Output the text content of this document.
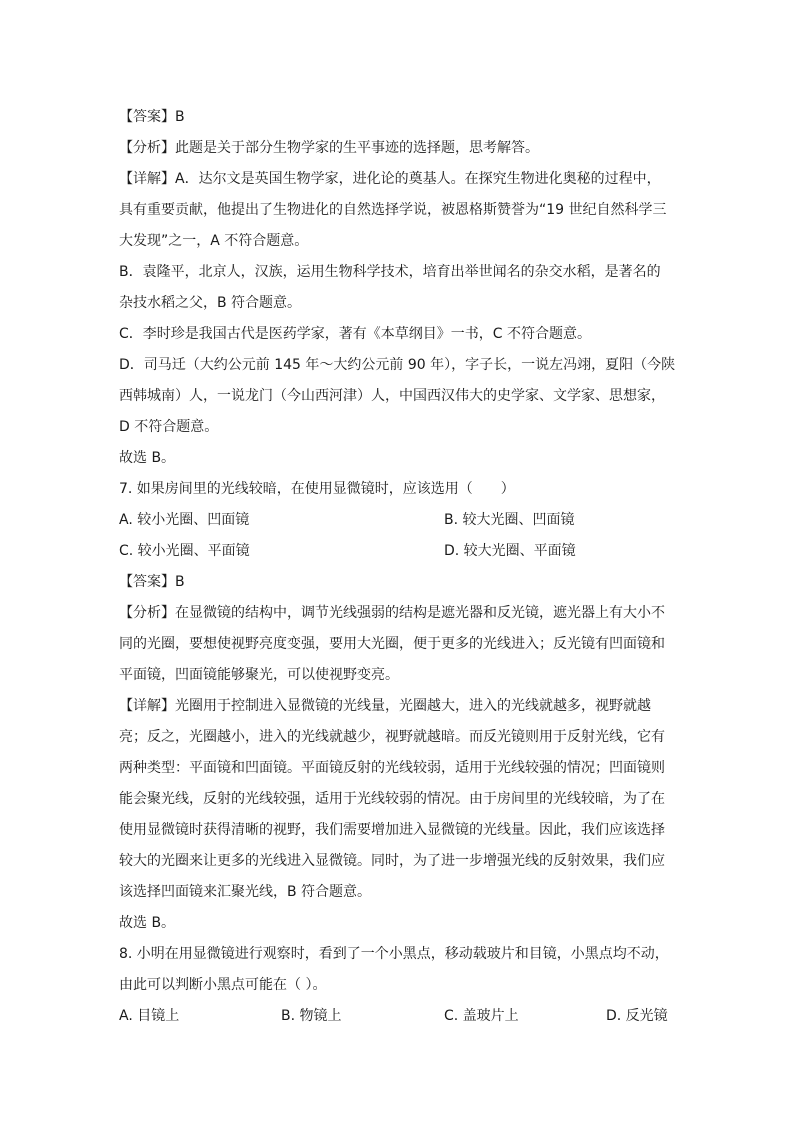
【答案】B
【分析】此题是关于部分生物学家的生平事迹的选择题，思考解答。
【详解】A．达尔文是英国生物学家，进化论的奠基人。在探究生物进化奥秘的过程中，
具有重要贡献，他提出了生物进化的自然选择学说，被恩格斯赞誉为“19 世纪自然科学三
大发现”之一，A 不符合题意。
B．袁隆平，北京人，汉族，运用生物科学技术，培育出举世闻名的杂交水稻，是著名的
杂技水稻之父，B 符合题意。
C．李时珍是我国古代是医药学家，著有《本草纲目》一书，C 不符合题意。
D．司马迁（大约公元前 145 年～大约公元前 90 年），字子长，一说左冯翊，夏阳（今陕
西韩城南）人，一说龙门（今山西河津）人，中国西汉伟大的史学家、文学家、思想家，
D 不符合题意。
故选 B。
7. 如果房间里的光线较暗，在使用显微镜时，应该选用（　　）
A. 较小光圈、凹面镜	B. 较大光圈、凹面镜
C. 较小光圈、平面镜	D. 较大光圈、平面镜
【答案】B
【分析】在显微镜的结构中，调节光线强弱的结构是遮光器和反光镜，遮光器上有大小不
同的光圈，要想使视野亮度变强，要用大光圈，便于更多的光线进入；反光镜有凹面镜和
平面镜，凹面镜能够聚光，可以使视野变亮。
【详解】光圈用于控制进入显微镜的光线量，光圈越大，进入的光线就越多，视野就越
亮；反之，光圈越小，进入的光线就越少，视野就越暗。而反光镜则用于反射光线，它有
两种类型：平面镜和凹面镜。平面镜反射的光线较弱，适用于光线较强的情况；凹面镜则
能会聚光线，反射的光线较强，适用于光线较弱的情况。由于房间里的光线较暗，为了在
使用显微镜时获得清晰的视野，我们需要增加进入显微镜的光线量。因此，我们应该选择
较大的光圈来让更多的光线进入显微镜。同时，为了进一步增强光线的反射效果，我们应
该选择凹面镜来汇聚光线，B 符合题意。
故选 B。
8. 小明在用显微镜进行观察时，看到了一个小黑点，移动载玻片和目镜，小黑点均不动，
由此可以判断小黑点可能在（ ）。
A. 目镜上	B. 物镜上	C. 盖玻片上	D. 反光镜
